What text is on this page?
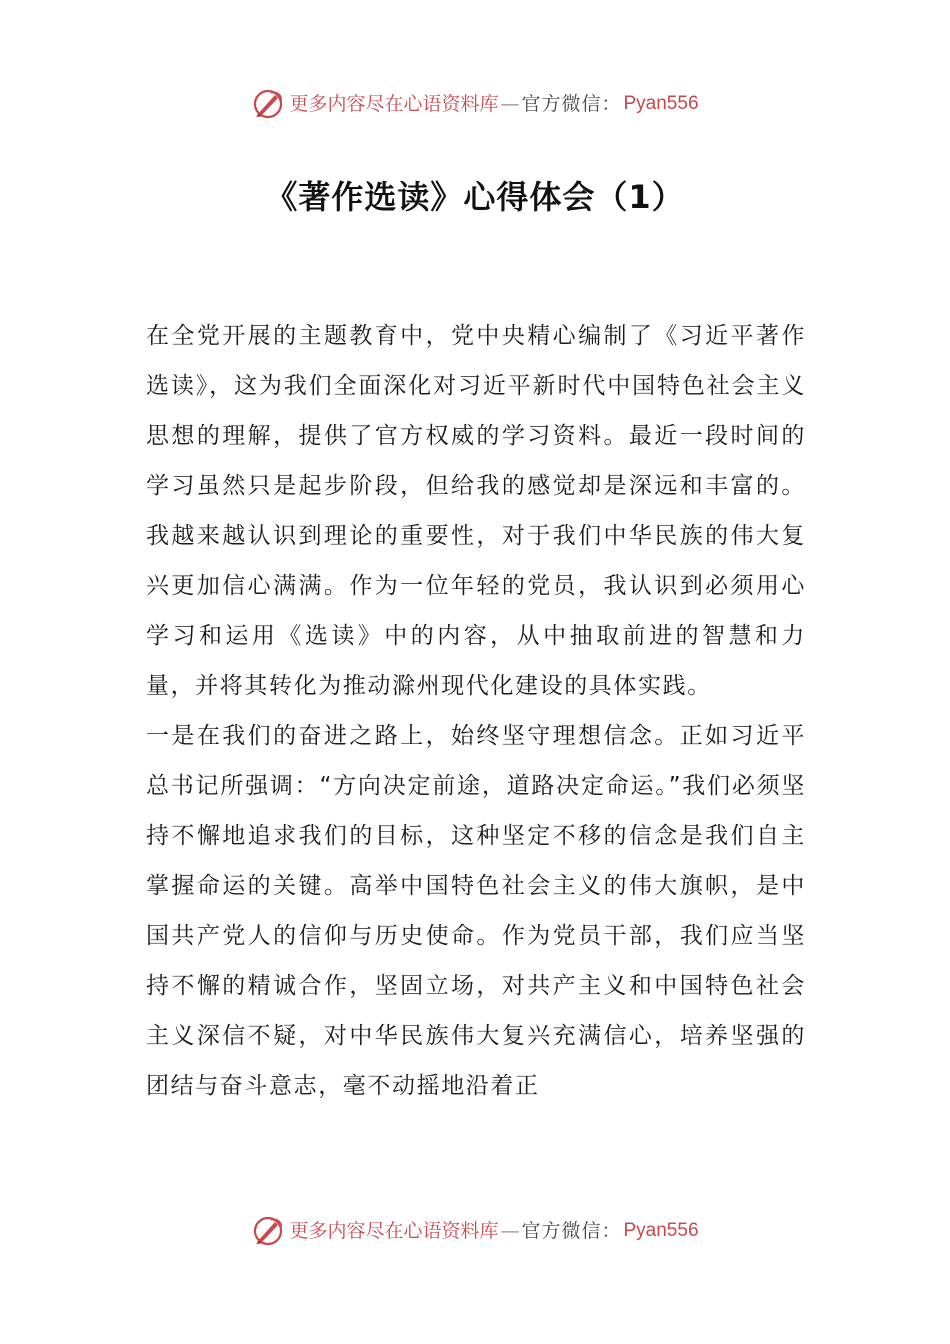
更多内容尽在心语资料库 — 官方微信： Pyan556
《著作选读》心得体会（1）

在全党开展的主题教育中，党中央精心编制了《习近平著作选读》，这为我们全面深化对习近平新时代中国特色社会主义思想的理解，提供了官方权威的学习资料。最近一段时间的学习虽然只是起步阶段，但给我的感觉却是深远和丰富的。我越来越认识到理论的重要性，对于我们中华民族的伟大复兴更加信心满满。作为一位年轻的党员，我认识到必须用心学习和运用《选读》中的内容，从中抽取前进的智慧和力量，并将其转化为推动滁州现代化建设的具体实践。

一是在我们的奋进之路上，始终坚守理想信念。正如习近平总书记所强调：“方向决定前途，道路决定命运。”我们必须坚持不懈地追求我们的目标，这种坚定不移的信念是我们自主掌握命运的关键。高举中国特色社会主义的伟大旗帜，是中国共产党人的信仰与历史使命。作为党员干部，我们应当坚持不懈的精诚合作，坚固立场，对共产主义和中国特色社会主义深信不疑，对中华民族伟大复兴充满信心，培养坚强的团结与奋斗意志，毫不动摇地沿着正

更多内容尽在心语资料库 — 官方微信： Pyan556
